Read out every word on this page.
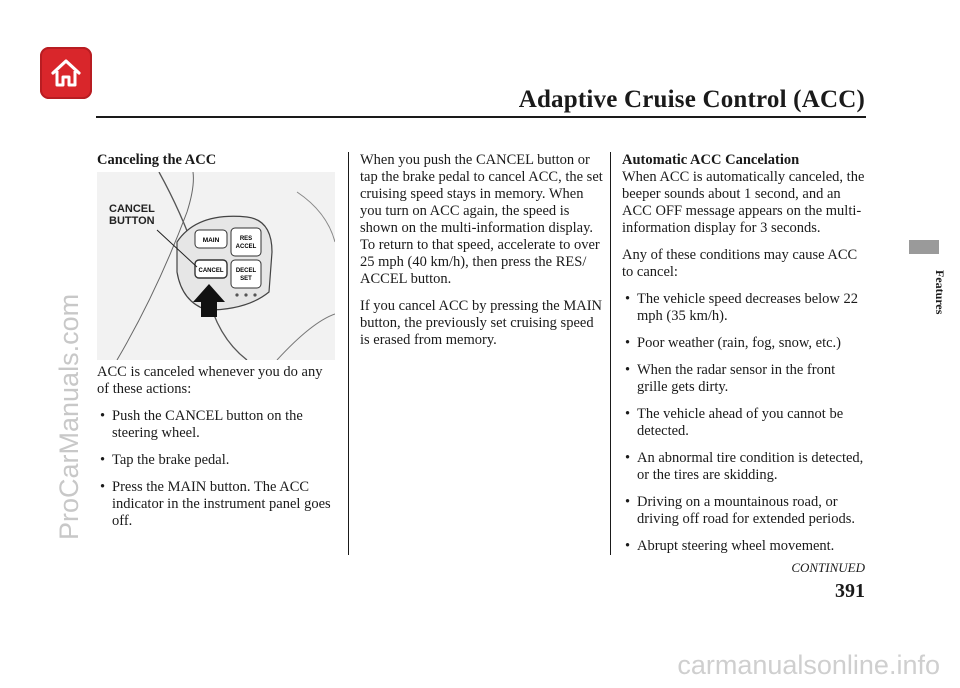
Adaptive Cruise Control (ACC)
Features
ProCarManuals.com
Canceling the ACC
MAIN
CANCEL
RES
ACCEL
DECEL
SET
CANCEL
BUTTON

ACC is canceled whenever you do any of these actions:

• Push the CANCEL button on the steering wheel.
• Tap the brake pedal.
• Press the MAIN button. The ACC indicator in the instrument panel goes off.

When you push the CANCEL button or tap the brake pedal to cancel ACC, the set cruising speed stays in memory. When you turn on ACC again, the speed is shown on the multi-information display. To return to that speed, accelerate to over 25 mph (40 km/h), then press the RES/ ACCEL button.

If you cancel ACC by pressing the MAIN button, the previously set cruising speed is erased from memory.

Automatic ACC Cancelation

When ACC is automatically canceled, the beeper sounds about 1 second, and an ACC OFF message appears on the multi-information display for 3 seconds.

Any of these conditions may cause ACC to cancel:

• The vehicle speed decreases below 22 mph (35 km/h).
• Poor weather (rain, fog, snow, etc.)
• When the radar sensor in the front grille gets dirty.
• The vehicle ahead of you cannot be detected.
• An abnormal tire condition is detected, or the tires are skidding.
• Driving on a mountainous road, or driving off road for extended periods.
• Abrupt steering wheel movement.
CONTINUED
391
carmanualsonline.info
